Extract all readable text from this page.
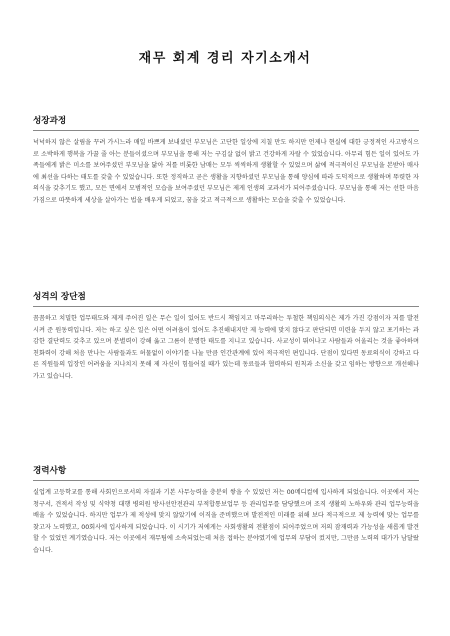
재무 회계 경리 자기소개서
성장과정

넉넉하지 않은 살림을 꾸려 가시느라 매일 바쁘게 보내셨던 부모님은 고단한 일상에 지칠 만도 하지만 언제나 현실에 대한 긍정적인 사고방식으로 소박하게 행복을 가꿀 줄 아는 분들이셨으며 부모님을 통해 저는 구김살 없이 밝고 건강하게 자랄 수 있었습니다. 아무리 힘든 일이 있어도 가족들에게 밝은 미소를 보여주셨던 부모님을 닮아 저를 비롯한 남매는 모두 씩씩하게 생활할 수 있었으며 삶에 적극적이신 부모님을 본받아 매사에 최선을 다하는 태도를 갖출 수 있었습니다. 또한 정직하고 곧은 생활을 지향하셨던 부모님을 통해 양심에 따라 도덕적으로 생활하며 뚜렷한 자의식을 갖추기도 했고, 모든 면에서 모범적인 모습을 보여주셨던 부모님은 제게 인생의 교과서가 되어주셨습니다. 부모님을 통해 저는 선한 마음가짐으로 따뜻하게 세상을 살아가는 법을 배우게 되었고, 꿈을 갖고 적극적으로 생활하는 모습을 갖출 수 있었습니다.

성격의 장단점

꼼꼼하고 치밀한 업무태도와 제게 주어진 일은 무슨 일이 있어도 반드시 책임지고 마무리하는 투철한 책임의식은 제가 가진 강점이자 저를 발전시켜 준 원동력입니다. 저는 하고 싶은 일은 어떤 어려움이 있어도 추진해내지만 제 능력에 맞지 않다고 판단되면 미련을 두지 않고 포기하는 과감한 결단력도 갖추고 있으며 분별력이 강해 옳고 그름이 분명한 태도를 지니고 있습니다. 사교성이 뛰어나고 사람들과 어울리는 것을 좋아하며 친화력이 강해 처음 만나는 사람들과도 허물없이 이야기를 나눌 만큼 인간관계에 있어 적극적인 편입니다. 단점이 있다면 동료의식이 강하고 다른 직원들의 입장인 어려움을 지나치지 못해 제 자신이 힘들어질 때가 있는데 동료들과 협력하되 원칙과 소신을 갖고 임하는 방향으로 개선해나가고 있습니다.

경력사항

실업계 고등학교를 통해 사회인으로서의 자질과 기본 사무능력을 충분히 쌓을 수 있었던 저는 00메디컬에 입사하게 되었습니다. 이곳에서 저는 청구서, 견적서 작성 및 식약청 대행 병의원 방사선안전관리 부적합통보업무 등 관리업무를 담당했으며 조직 생활의 노하우와 관리 업무능력을 배울 수 있었습니다. 하지만 업무가 제 적성에 맞지 않았기에 이직을 준비했으며 발전적인 미래를 위해 보다 적극적으로 제 능력에 맞는 업무를 찾고자 노력했고, 00회사에 입사하게 되었습니다. 이 시기가 저에게는 사회생활의 전환점이 되어주었으며 저의 잠재력과 가능성을 새롭게 발견할 수 있었던 계기였습니다. 저는 이곳에서 재무팀에 소속되었는데 처음 접하는 분야였기에 업무의 부담이 컸지만, 그만큼 노력의 대가가 남달랐습니다.
